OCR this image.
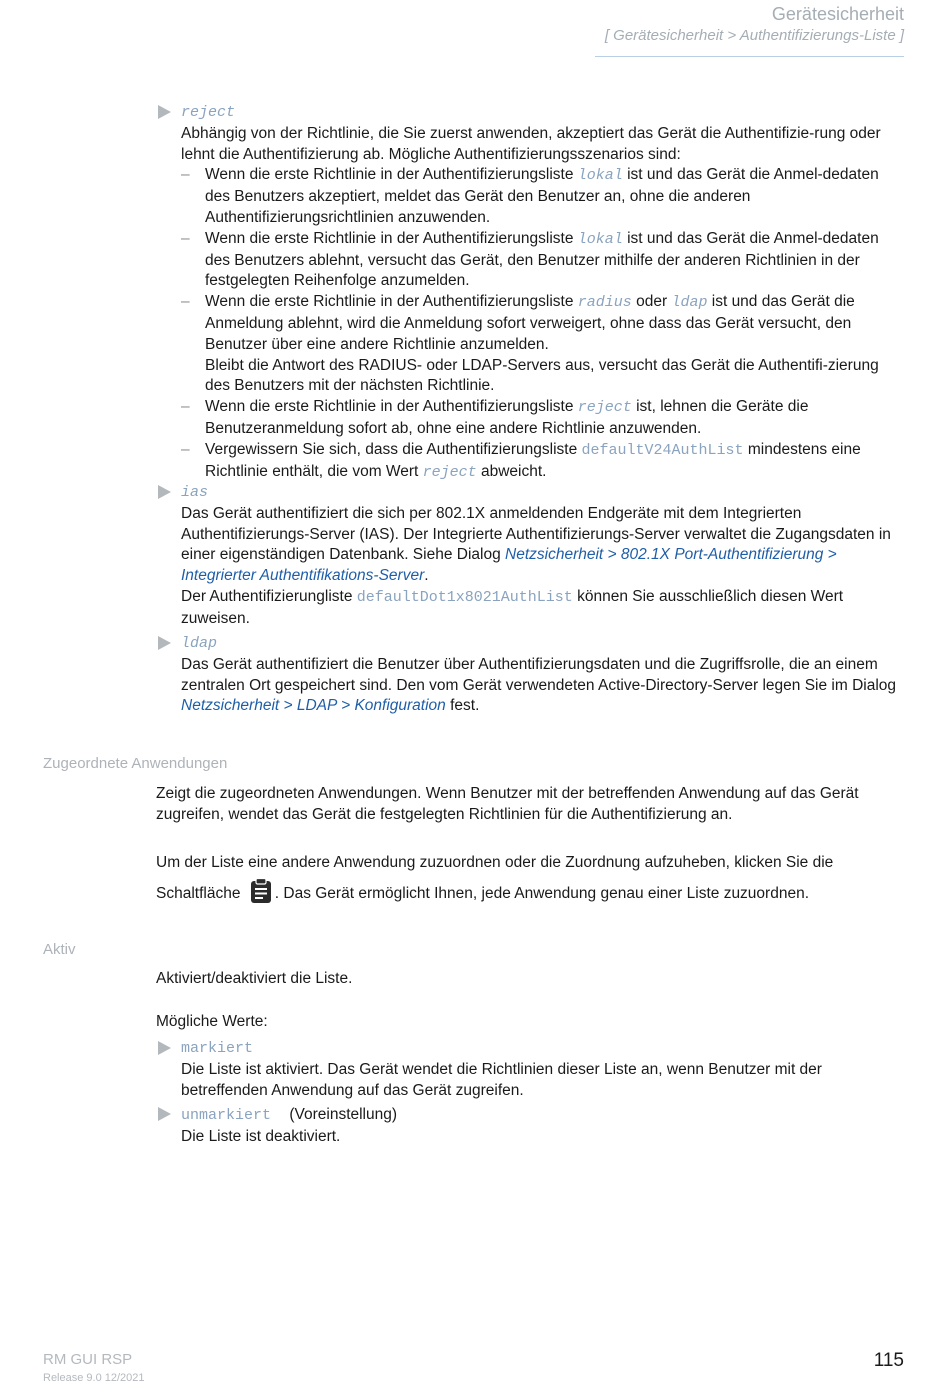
Gerätesicherheit
[ Gerätesicherheit > Authentifizierungs-Liste ]
reject

Abhängig von der Richtlinie, die Sie zuerst anwenden, akzeptiert das Gerät die Authentifizie-rung oder lehnt die Authentifizierung ab. Mögliche Authentifizierungsszenarios sind:

– Wenn die erste Richtlinie in der Authentifizierungsliste lokal ist und das Gerät die Anmel-dedaten des Benutzers akzeptiert, meldet das Gerät den Benutzer an, ohne die anderen Authentifizierungsrichtlinien anzuwenden.
– Wenn die erste Richtlinie in der Authentifizierungsliste lokal ist und das Gerät die Anmel-dedaten des Benutzers ablehnt, versucht das Gerät, den Benutzer mithilfe der anderen Richtlinien in der festgelegten Reihenfolge anzumelden.
– Wenn die erste Richtlinie in der Authentifizierungsliste radius oder ldap ist und das Gerät die Anmeldung ablehnt, wird die Anmeldung sofort verweigert, ohne dass das Gerät versucht, den Benutzer über eine andere Richtlinie anzumelden.
Bleibt die Antwort des RADIUS- oder LDAP-Servers aus, versucht das Gerät die Authentifi-zierung des Benutzers mit der nächsten Richtlinie.
– Wenn die erste Richtlinie in der Authentifizierungsliste reject ist, lehnen die Geräte die Benutzeranmeldung sofort ab, ohne eine andere Richtlinie anzuwenden.
– Vergewissern Sie sich, dass die Authentifizierungsliste defaultV24AuthList mindestens eine Richtlinie enthält, die vom Wert reject abweicht.
ias

Das Gerät authentifiziert die sich per 802.1X anmeldenden Endgeräte mit dem Integrierten Authentifizierungs-Server (IAS). Der Integrierte Authentifizierungs-Server verwaltet die Zugangsdaten in einer eigenständigen Datenbank. Siehe Dialog Netzsicherheit > 802.1X Port-Authentifizierung > Integrierter Authentifikations-Server.

Der Authentifizierungliste defaultDot1x8021AuthList können Sie ausschließlich diesen Wert zuweisen.

ldap

Das Gerät authentifiziert die Benutzer über Authentifizierungsdaten und die Zugriffsrolle, die an einem zentralen Ort gespeichert sind. Den vom Gerät verwendeten Active-Directory-Server legen Sie im Dialog Netzsicherheit > LDAP > Konfiguration fest.

Zugeordnete Anwendungen

Zeigt die zugeordneten Anwendungen. Wenn Benutzer mit der betreffenden Anwendung auf das Gerät zugreifen, wendet das Gerät die festgelegten Richtlinien für die Authentifizierung an.

Um der Liste eine andere Anwendung zuzuordnen oder die Zuordnung aufzuheben, klicken Sie die Schaltfläche . Das Gerät ermöglicht Ihnen, jede Anwendung genau einer Liste zuzuordnen.

Aktiv

Aktiviert/deaktiviert die Liste.

Mögliche Werte:

markiert

Die Liste ist aktiviert. Das Gerät wendet die Richtlinien dieser Liste an, wenn Benutzer mit der betreffenden Anwendung auf das Gerät zugreifen.

unmarkiert (Voreinstellung)

Die Liste ist deaktiviert.

RM GUI RSP
Release 9.0 12/2021
115
